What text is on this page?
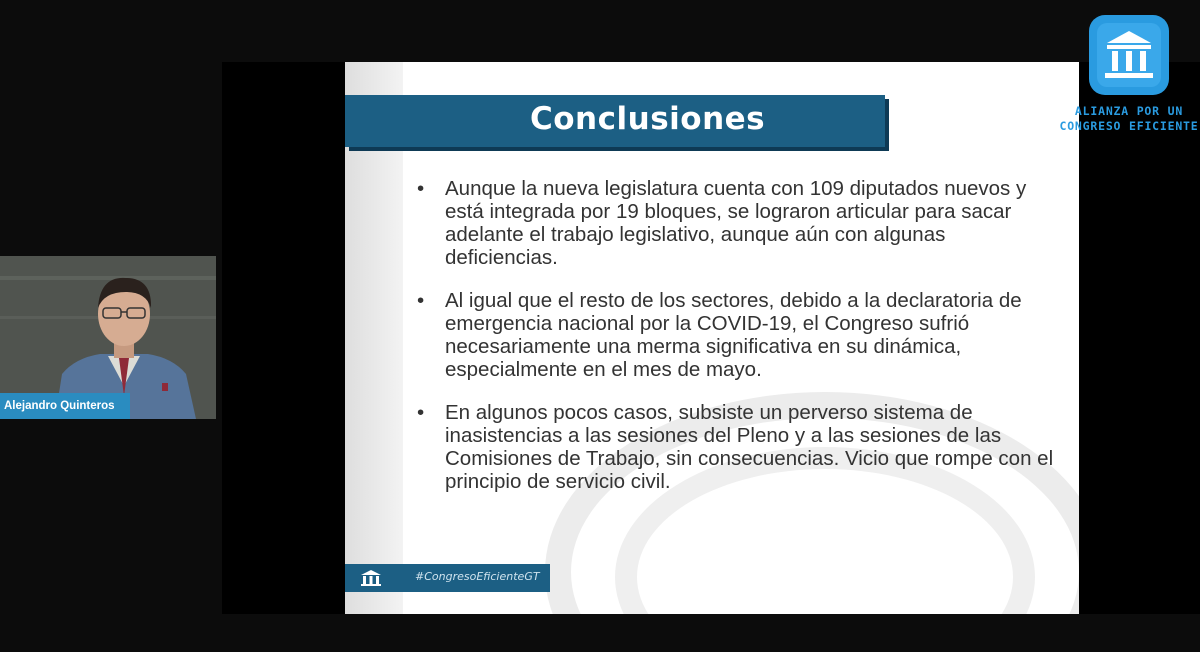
Conclusiones
• Aunque la nueva legislatura cuenta con 109 diputados nuevos y está integrada por 19 bloques, se lograron articular para sacar adelante el trabajo legislativo, aunque aún con algunas deficiencias.
• Al igual que el resto de los sectores, debido a la declaratoria de emergencia nacional por la COVID-19, el Congreso sufrió necesariamente una merma significativa en su dinámica, especialmente en el mes de mayo.
• En algunos pocos casos, subsiste un perverso sistema de inasistencias a las sesiones del Pleno y a las sesiones de las Comisiones de Trabajo, sin consecuencias. Vicio que rompe con el principio de servicio civil.
#CongresoEficienteGT
ALIANZA POR UN
CONGRESO EFICIENTE
Alejandro Quinteros
